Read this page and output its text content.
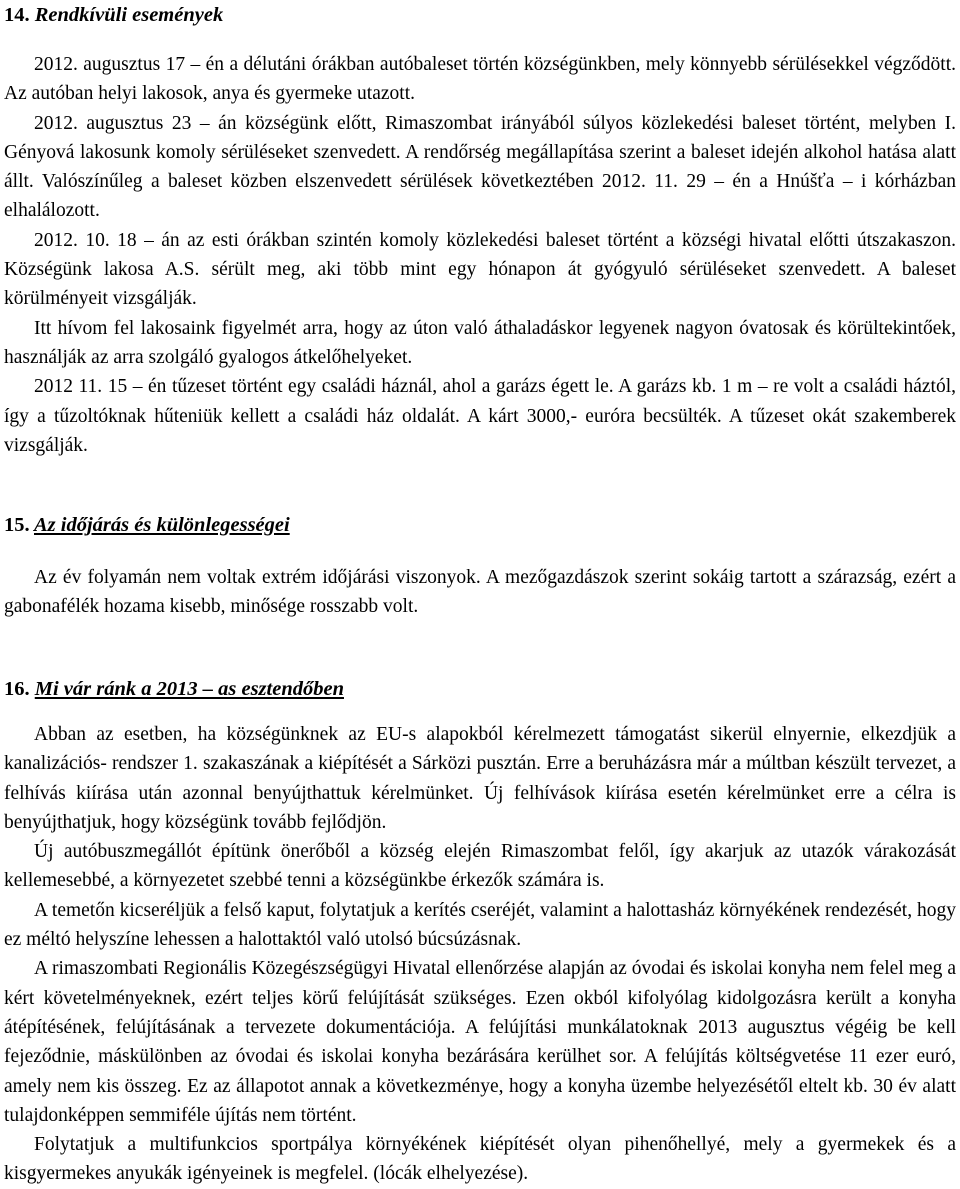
14. Rendkívüli események

2012. augusztus 17 – én a délutáni órákban autóbaleset történ községünkben, mely könnyebb sérülésekkel végződött. Az autóban helyi lakosok, anya és gyermeke utazott.

2012. augusztus 23 – án községünk előtt, Rimaszombat irányából súlyos közlekedési baleset történt, melyben I. Gényová lakosunk komoly sérüléseket szenvedett. A rendőrség megállapítása szerint a baleset idején alkohol hatása alatt állt. Valószínűleg a baleset közben elszenvedett sérülések következtében 2012. 11. 29 – én a Hnúšťa – i kórházban elhalálozott.

2012. 10. 18 – án az esti órákban szintén komoly közlekedési baleset történt a községi hivatal előtti útszakaszon. Községünk lakosa A.S. sérült meg, aki több mint egy hónapon át gyógyuló sérüléseket szenvedett. A baleset körülményeit vizsgálják.

Itt hívom fel lakosaink figyelmét arra, hogy az úton való áthaladáskor legyenek nagyon óvatosak és körültekintőek, használják az arra szolgáló gyalogos átkelőhelyeket.

2012 11. 15 – én tűzeset történt egy családi háznál, ahol a garázs égett le. A garázs kb. 1 m – re volt a családi háztól, így a tűzoltóknak hűteniük kellett a családi ház oldalát. A kárt 3000,- euróra becsülték. A tűzeset okát szakemberek vizsgálják.

15. Az időjárás és különlegességei

Az év folyamán nem voltak extrém időjárási viszonyok. A mezőgazdászok szerint sokáig tartott a szárazság, ezért a gabonafélék hozama kisebb, minősége rosszabb volt.

16. Mi vár ránk a 2013 – as esztendőben

Abban az esetben, ha községünknek az EU-s alapokból kérelmezett támogatást sikerül elnyernie, elkezdjük a kanalizációs- rendszer 1. szakaszának a kiépítését a Sárközi pusztán. Erre a beruházásra már a múltban készült tervezet, a felhívás kiírása után azonnal benyújthattuk kérelmünket. Új felhívások kiírása esetén kérelmünket erre a célra is benyújthatjuk, hogy községünk tovább fejlődjön.

Új autóbuszmegállót építünk önerőből a község elején Rimaszombat felől, így akarjuk az utazók várakozását kellemesebbé, a környezetet szebbé tenni a községünkbe érkezők számára is.

A temetőn kicseréljük a felső kaput, folytatjuk a kerítés cseréjét, valamint a halottasház környékének rendezését, hogy ez méltó helyszíne lehessen a halottaktól való utolsó búcsúzásnak.

A rimaszombati Regionális Közegészségügyi Hivatal ellenőrzése alapján az óvodai és iskolai konyha nem felel meg a kért követelményeknek, ezért teljes körű felújítását szükséges. Ezen okból kifolyólag kidolgozásra került a konyha átépítésének, felújításának a tervezete dokumentációja. A felújítási munkálatoknak 2013 augusztus végéig be kell fejeződnie, máskülönben az óvodai és iskolai konyha bezárására kerülhet sor. A felújítás költségvetése 11 ezer euró, amely nem kis összeg. Ez az állapotot annak a következménye, hogy a konyha üzembe helyezésétől eltelt kb. 30 év alatt tulajdonképpen semmiféle újítás nem történt.

Folytatjuk a multifunkcios sportpálya környékének kiépítését olyan pihenőhellyé, mely a gyermekek és a kisgyermekes anyukák igényeinek is megfelel. (lócák elhelyezése).
